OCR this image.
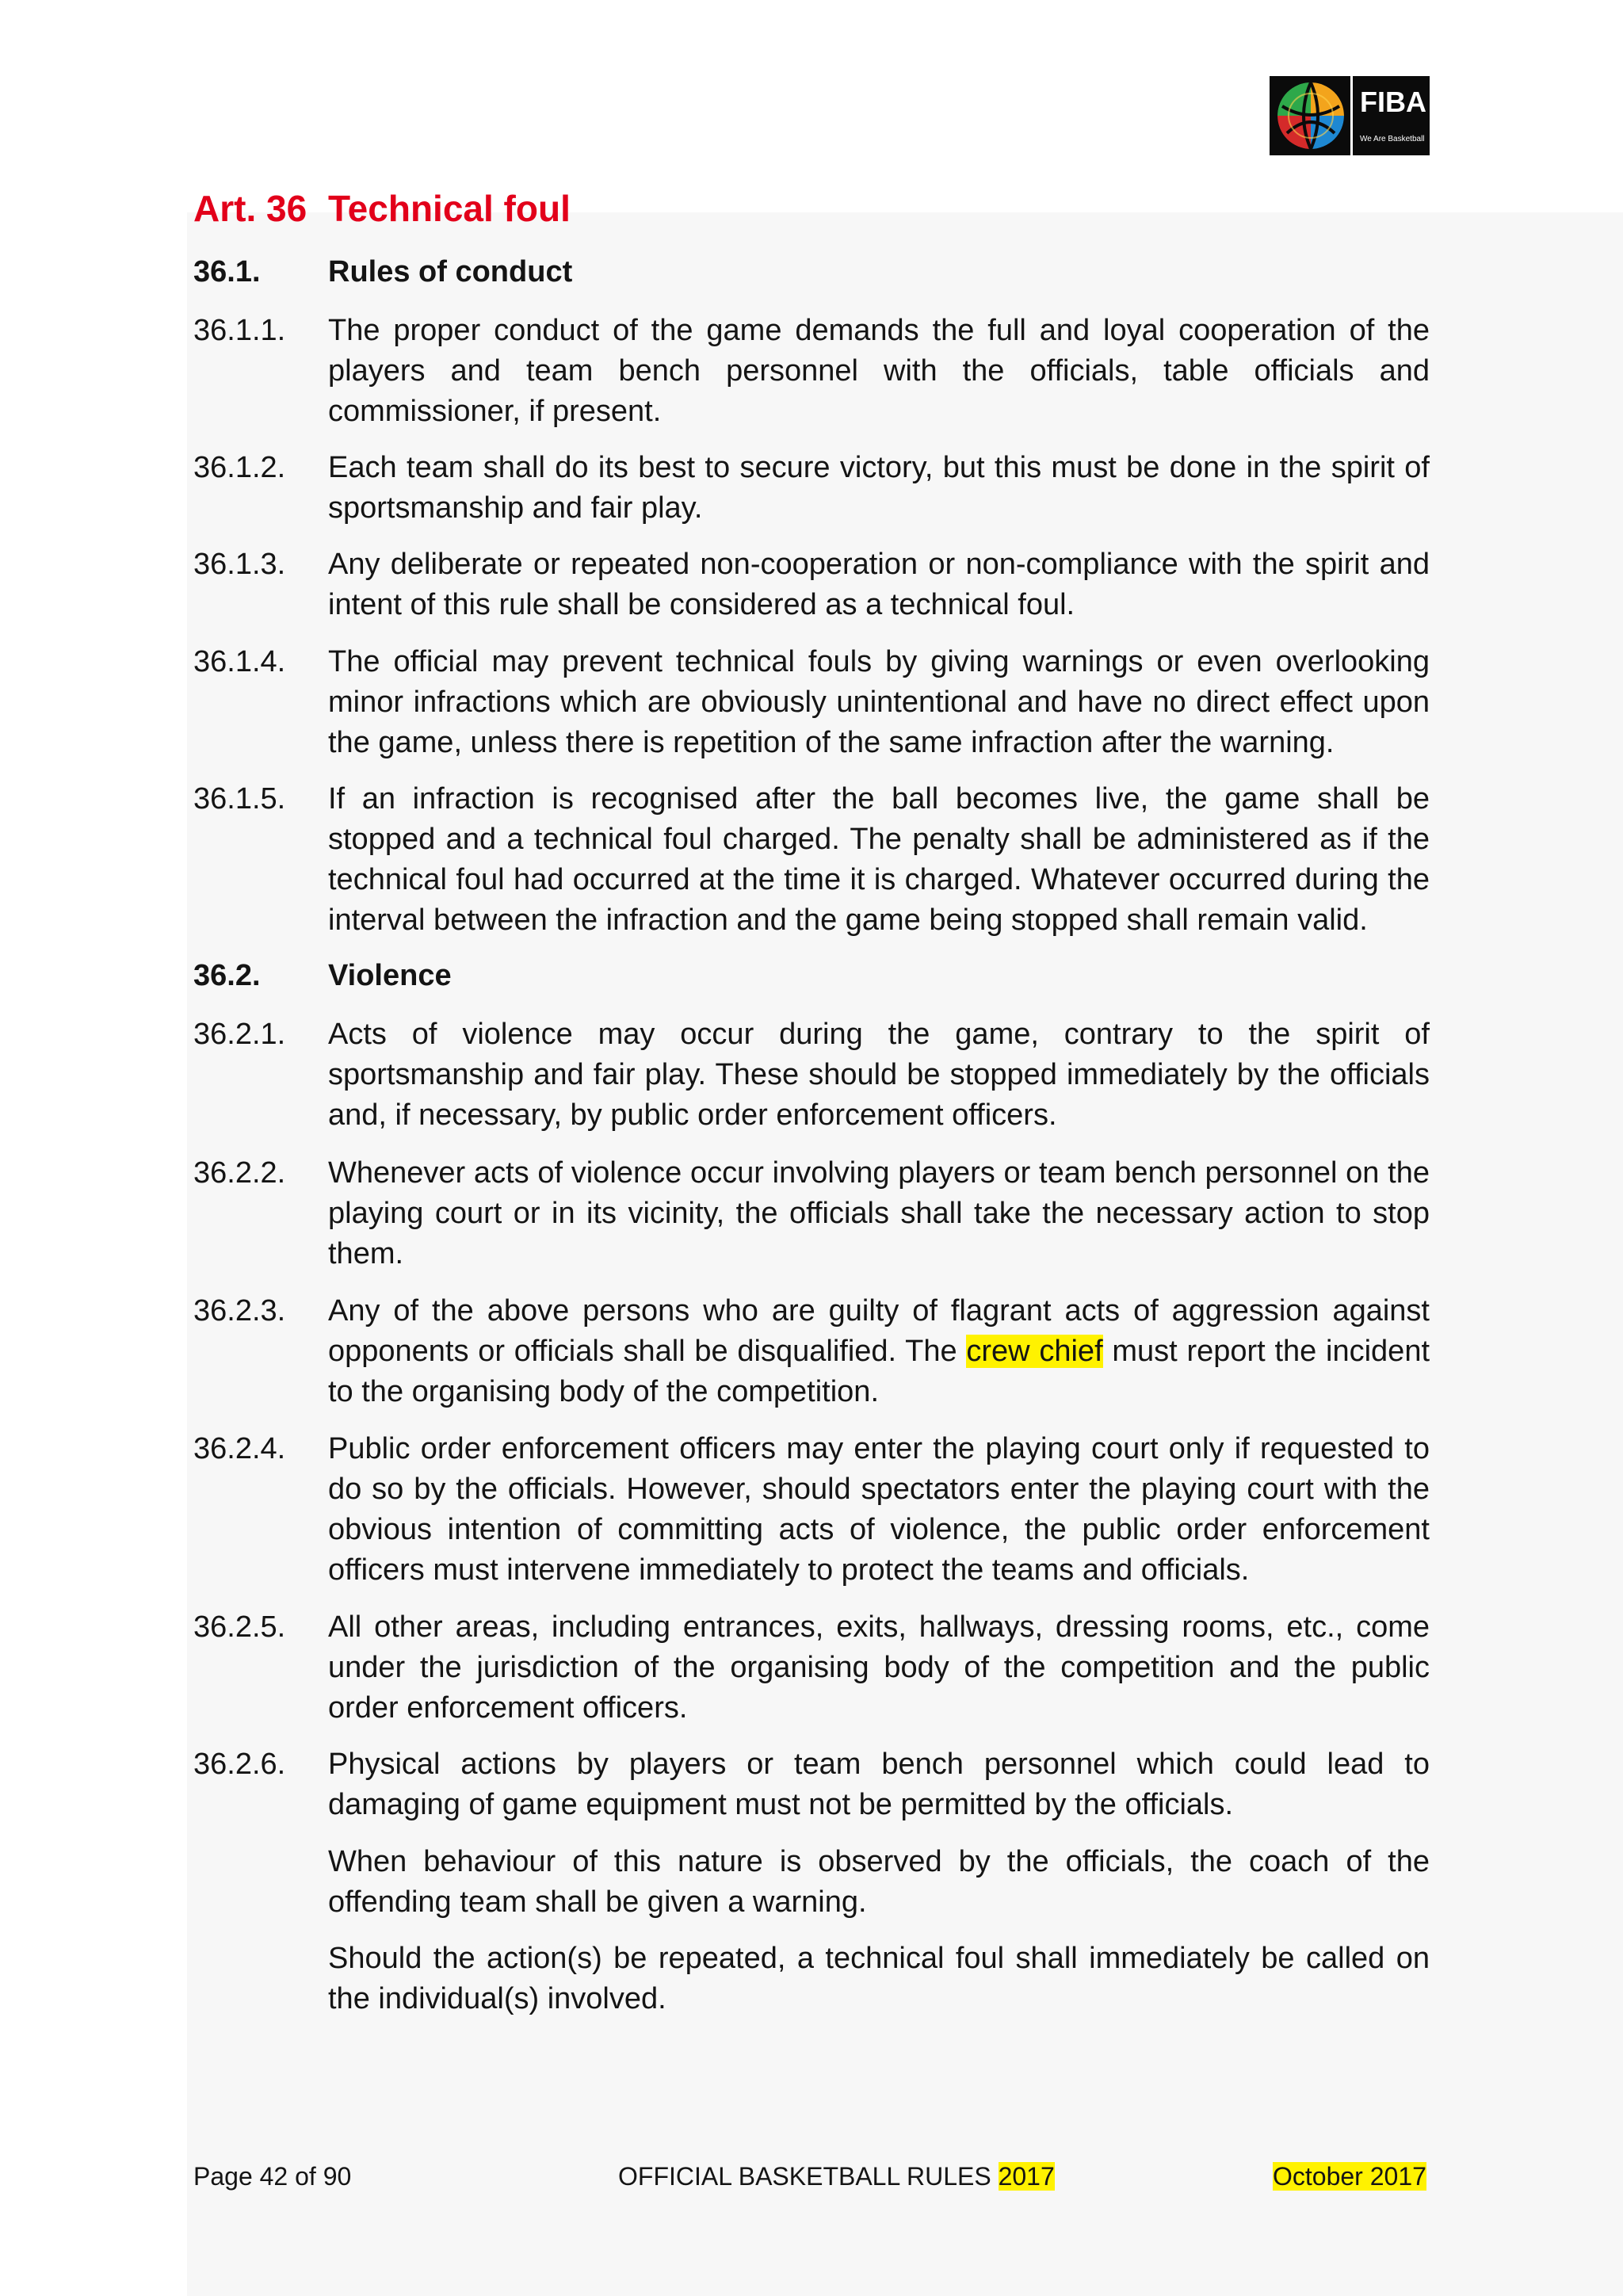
FIBA
We Are Basketball
Art. 36 Technical foul
36.1. Rules of conduct
36.1.1. The proper conduct of the game demands the full and loyal cooperation of the players and team bench personnel with the officials, table officials and commissioner, if present.
36.1.2. Each team shall do its best to secure victory, but this must be done in the spirit of sportsmanship and fair play.
36.1.3. Any deliberate or repeated non-cooperation or non-compliance with the spirit and intent of this rule shall be considered as a technical foul.
36.1.4. The official may prevent technical fouls by giving warnings or even overlooking minor infractions which are obviously unintentional and have no direct effect upon the game, unless there is repetition of the same infraction after the warning.
36.1.5. If an infraction is recognised after the ball becomes live, the game shall be stopped and a technical foul charged. The penalty shall be administered as if the technical foul had occurred at the time it is charged. Whatever occurred during the interval between the infraction and the game being stopped shall remain valid.
36.2. Violence
36.2.1. Acts of violence may occur during the game, contrary to the spirit of sportsmanship and fair play. These should be stopped immediately by the officials and, if necessary, by public order enforcement officers.
36.2.2. Whenever acts of violence occur involving players or team bench personnel on the playing court or in its vicinity, the officials shall take the necessary action to stop them.
36.2.3. Any of the above persons who are guilty of flagrant acts of aggression against opponents or officials shall be disqualified. The crew chief must report the incident to the organising body of the competition.
36.2.4. Public order enforcement officers may enter the playing court only if requested to do so by the officials. However, should spectators enter the playing court with the obvious intention of committing acts of violence, the public order enforcement officers must intervene immediately to protect the teams and officials.
36.2.5. All other areas, including entrances, exits, hallways, dressing rooms, etc., come under the jurisdiction of the organising body of the competition and the public order enforcement officers.
36.2.6. Physical actions by players or team bench personnel which could lead to damaging of game equipment must not be permitted by the officials.
When behaviour of this nature is observed by the officials, the coach of the offending team shall be given a warning.
Should the action(s) be repeated, a technical foul shall immediately be called on the individual(s) involved.
Page 42 of 90	OFFICIAL BASKETBALL RULES 2017	October 2017
